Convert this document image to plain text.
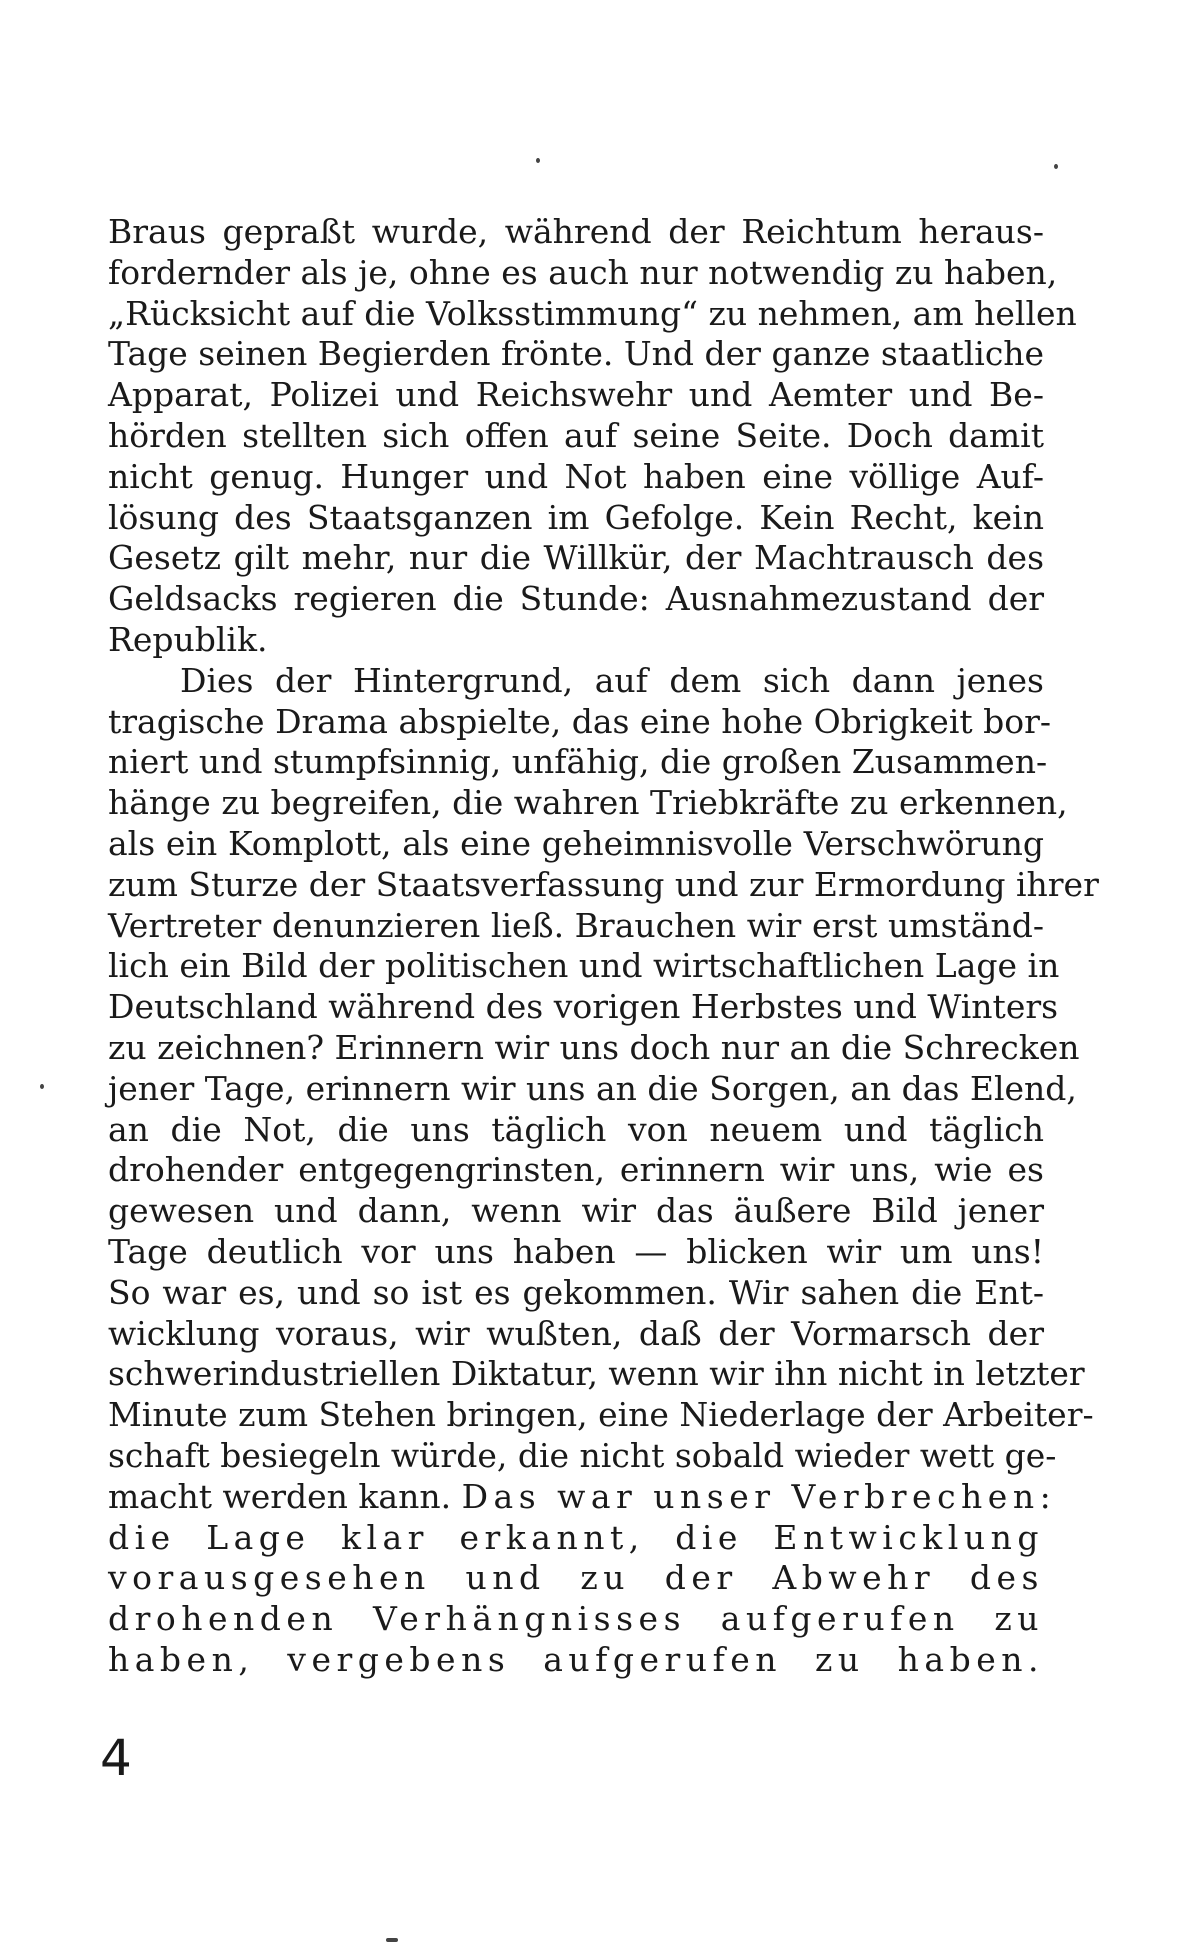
Braus gepraßt wurde, während der Reichtum heraus-
fordernder als je, ohne es auch nur notwendig zu haben,
„Rücksicht auf die Volksstimmung“ zu nehmen, am hellen
Tage seinen Begierden frönte. Und der ganze staatliche
Apparat, Polizei und Reichswehr und Aemter und Be-
hörden stellten sich offen auf seine Seite. Doch damit
nicht genug. Hunger und Not haben eine völlige Auf-
lösung des Staatsganzen im Gefolge. Kein Recht, kein
Gesetz gilt mehr, nur die Willkür, der Machtrausch des
Geldsacks regieren die Stunde: Ausnahmezustand der
Republik.
Dies der Hintergrund, auf dem sich dann jenes
tragische Drama abspielte, das eine hohe Obrigkeit bor-
niert und stumpfsinnig, unfähig, die großen Zusammen-
hänge zu begreifen, die wahren Triebkräfte zu erkennen,
als ein Komplott, als eine geheimnisvolle Verschwörung
zum Sturze der Staatsverfassung und zur Ermordung ihrer
Vertreter denunzieren ließ. Brauchen wir erst umständ-
lich ein Bild der politischen und wirtschaftlichen Lage in
Deutschland während des vorigen Herbstes und Winters
zu zeichnen? Erinnern wir uns doch nur an die Schrecken
jener Tage, erinnern wir uns an die Sorgen, an das Elend,
an die Not, die uns täglich von neuem und täglich
drohender entgegengrinsten, erinnern wir uns, wie es
gewesen und dann, wenn wir das äußere Bild jener
Tage deutlich vor uns haben — blicken wir um uns!
So war es, und so ist es gekommen. Wir sahen die Ent-
wicklung voraus, wir wußten, daß der Vormarsch der
schwerindustriellen Diktatur, wenn wir ihn nicht in letzter
Minute zum Stehen bringen, eine Niederlage der Arbeiter-
schaft besiegeln würde, die nicht sobald wieder wett ge-
macht werden kann. Das war unser Verbrechen:
die Lage klar erkannt, die Entwicklung
vorausgesehen und zu der Abwehr des
drohenden Verhängnisses aufgerufen zu
haben, vergebens aufgerufen zu haben.
4
